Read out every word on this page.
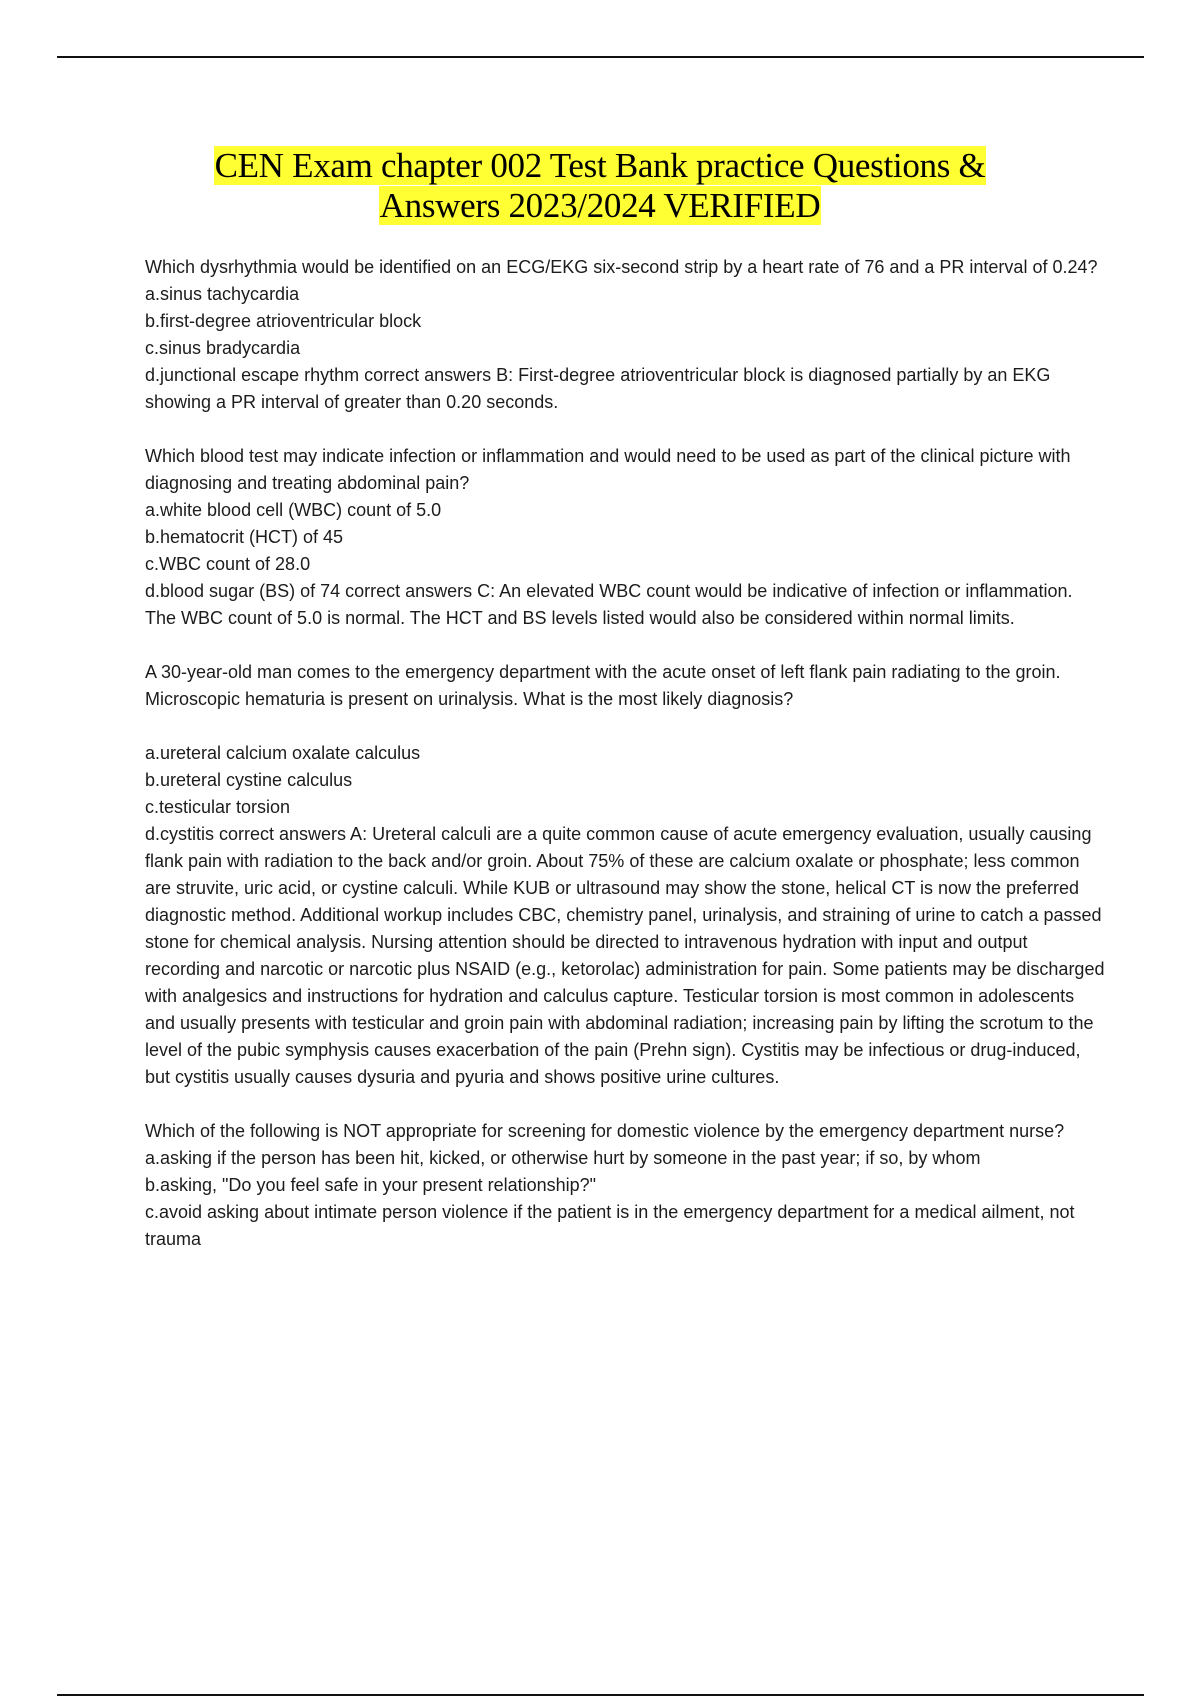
CEN Exam chapter 002 Test Bank practice Questions &
Answers 2023/2024 VERIFIED
Which dysrhythmia would be identified on an ECG/EKG six-second strip by a heart rate of 76 and a PR interval of 0.24?
a.sinus tachycardia
b.first-degree atrioventricular block
c.sinus bradycardia
d.junctional escape rhythm correct answers B: First-degree atrioventricular block is diagnosed partially by an EKG showing a PR interval of greater than 0.20 seconds.
Which blood test may indicate infection or inflammation and would need to be used as part of the clinical picture with diagnosing and treating abdominal pain?
a.white blood cell (WBC) count of 5.0
b.hematocrit (HCT) of 45
c.WBC count of 28.0
d.blood sugar (BS) of 74 correct answers C: An elevated WBC count would be indicative of infection or inflammation. The WBC count of 5.0 is normal. The HCT and BS levels listed would also be considered within normal limits.
A 30-year-old man comes to the emergency department with the acute onset of left flank pain radiating to the groin. Microscopic hematuria is present on urinalysis. What is the most likely diagnosis?
a.ureteral calcium oxalate calculus
b.ureteral cystine calculus
c.testicular torsion
d.cystitis correct answers A: Ureteral calculi are a quite common cause of acute emergency evaluation, usually causing flank pain with radiation to the back and/or groin. About 75% of these are calcium oxalate or phosphate; less common are struvite, uric acid, or cystine calculi. While KUB or ultrasound may show the stone, helical CT is now the preferred diagnostic method. Additional workup includes CBC, chemistry panel, urinalysis, and straining of urine to catch a passed stone for chemical analysis. Nursing attention should be directed to intravenous hydration with input and output recording and narcotic or narcotic plus NSAID (e.g., ketorolac) administration for pain. Some patients may be discharged with analgesics and instructions for hydration and calculus capture. Testicular torsion is most common in adolescents and usually presents with testicular and groin pain with abdominal radiation; increasing pain by lifting the scrotum to the level of the pubic symphysis causes exacerbation of the pain (Prehn sign). Cystitis may be infectious or drug-induced, but cystitis usually causes dysuria and pyuria and shows positive urine cultures.
Which of the following is NOT appropriate for screening for domestic violence by the emergency department nurse?
a.asking if the person has been hit, kicked, or otherwise hurt by someone in the past year; if so, by whom
b.asking, "Do you feel safe in your present relationship?"
c.avoid asking about intimate person violence if the patient is in the emergency department for a medical ailment, not trauma
